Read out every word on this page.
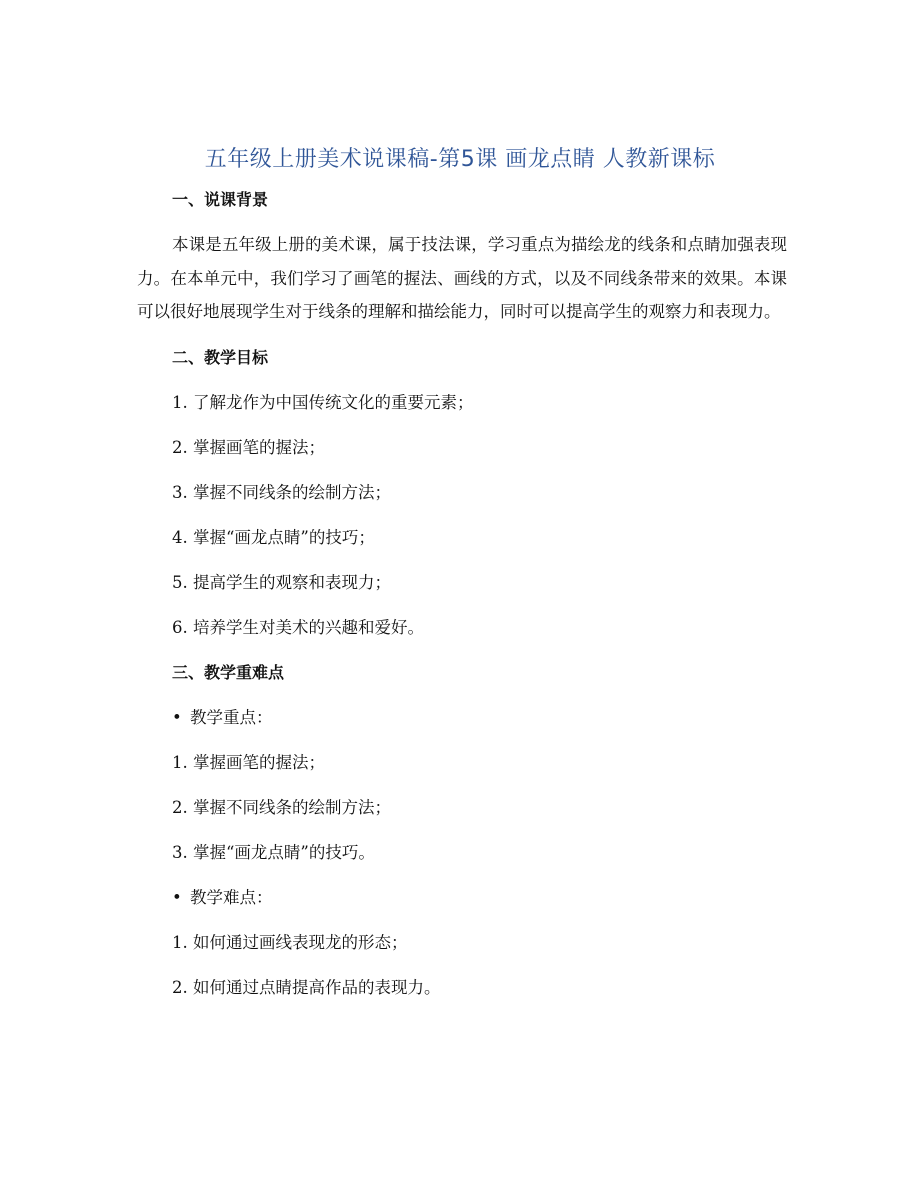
五年级上册美术说课稿-第5课 画龙点睛 人教新课标
一、说课背景
本课是五年级上册的美术课，属于技法课，学习重点为描绘龙的线条和点睛加强表现力。在本单元中，我们学习了画笔的握法、画线的方式，以及不同线条带来的效果。本课可以很好地展现学生对于线条的理解和描绘能力，同时可以提高学生的观察力和表现力。
二、教学目标
1. 了解龙作为中国传统文化的重要元素；
2. 掌握画笔的握法；
3. 掌握不同线条的绘制方法；
4. 掌握“画龙点睛”的技巧；
5. 提高学生的观察和表现力；
6. 培养学生对美术的兴趣和爱好。
三、教学重难点
• 教学重点：
1. 掌握画笔的握法；
2. 掌握不同线条的绘制方法；
3. 掌握“画龙点睛”的技巧。
• 教学难点：
1. 如何通过画线表现龙的形态；
2. 如何通过点睛提高作品的表现力。
